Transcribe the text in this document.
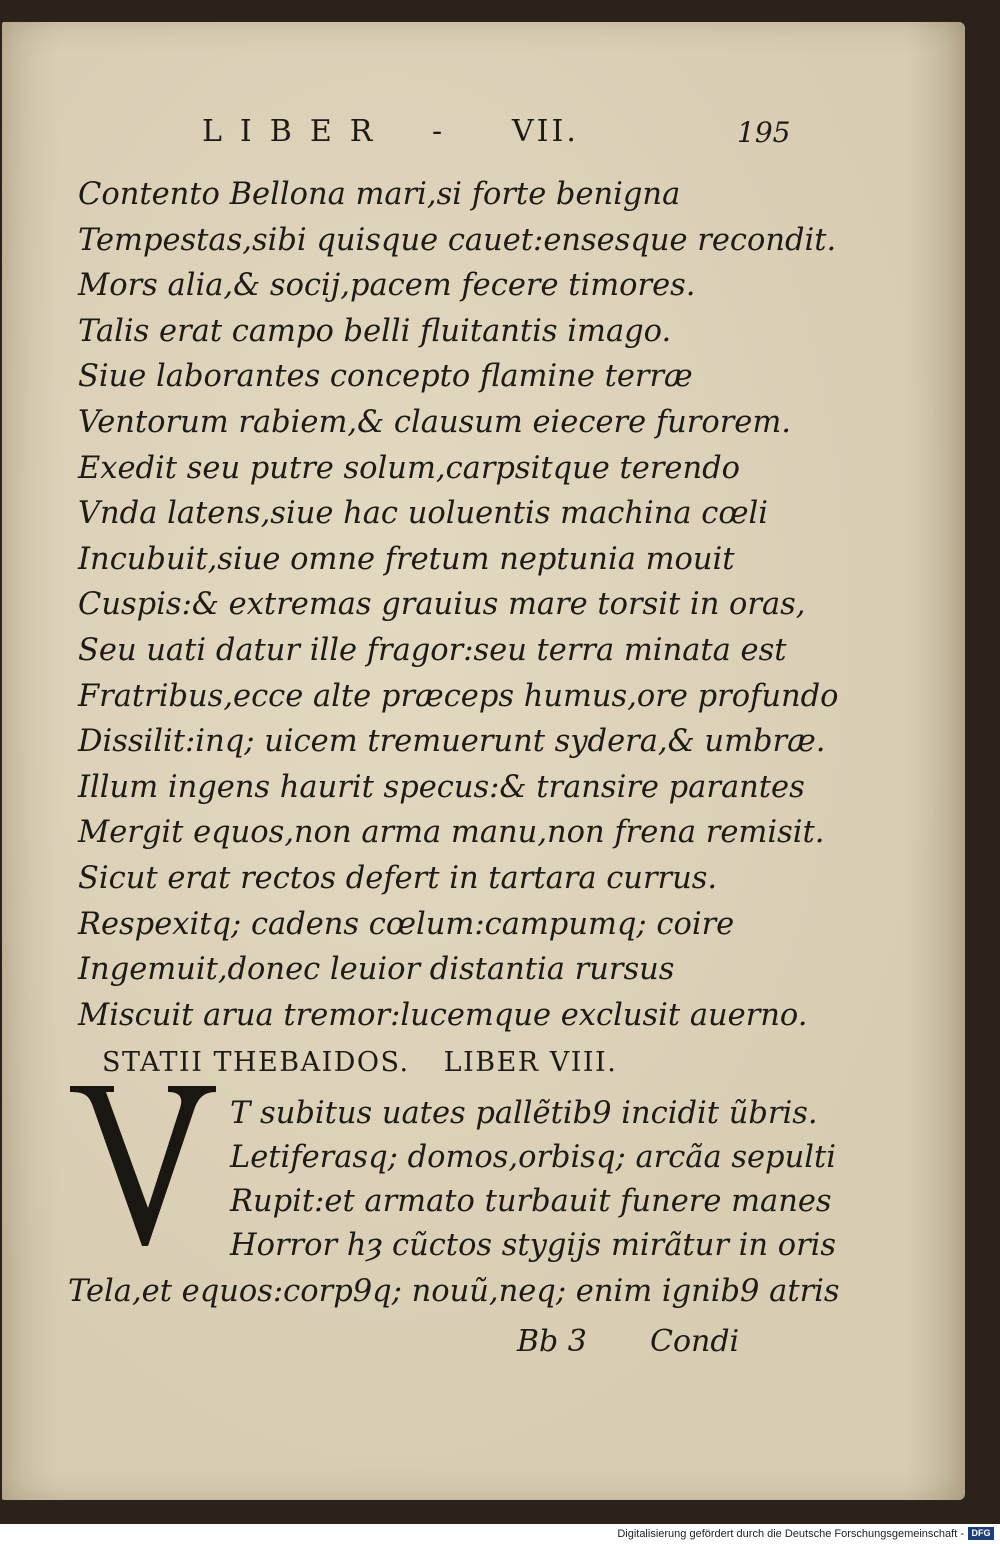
LIBER - VII.	195
Contento Bellona mari,si forte benigna
Tempestas,sibi quisque cauet:ensesque recondit.
Mors alia,& socij,pacem fecere timores.
Talis erat campo belli fluitantis imago.
Siue laborantes concepto flamine terræ
Ventorum rabiem,& clausum eiecere furorem.
Exedit seu putre solum,carpsitque terendo
Vnda latens,siue hac uoluentis machina cœli
Incubuit,siue omne fretum neptunia mouit
Cuspis:& extremas grauius mare torsit in oras,
Seu uati datur ille fragor:seu terra minata est
Fratribus,ecce alte præceps humus,ore profundo
Dissilit:inq; uicem tremuerunt sydera,& umbræ.
Illum ingens haurit specus:& transire parantes
Mergit equos,non arma manu,non frena remisit.
Sicut erat rectos defert in tartara currus.
Respexitq; cadens cœlum:campumq; coire
Ingemuit,donec leuior distantia rursus
Miscuit arua tremor:lucemque exclusit auerno.
STATII THEBAIDOS. LIBER VIII.
T subitus uates pallẽtib9 incidit ũbris.
Letiferasq; domos,orbisq; arcãa sepulti
Rupit:et armato turbauit funere manes
Horror hȝ cũctos stygijs mirãtur in oris
Tela,et equos:corp9q; nouũ,neq; enim ignib9 atris
Bb 3 Condi
Digitalisierung gefördert durch die Deutsche Forschungsgemeinschaft - DFG
